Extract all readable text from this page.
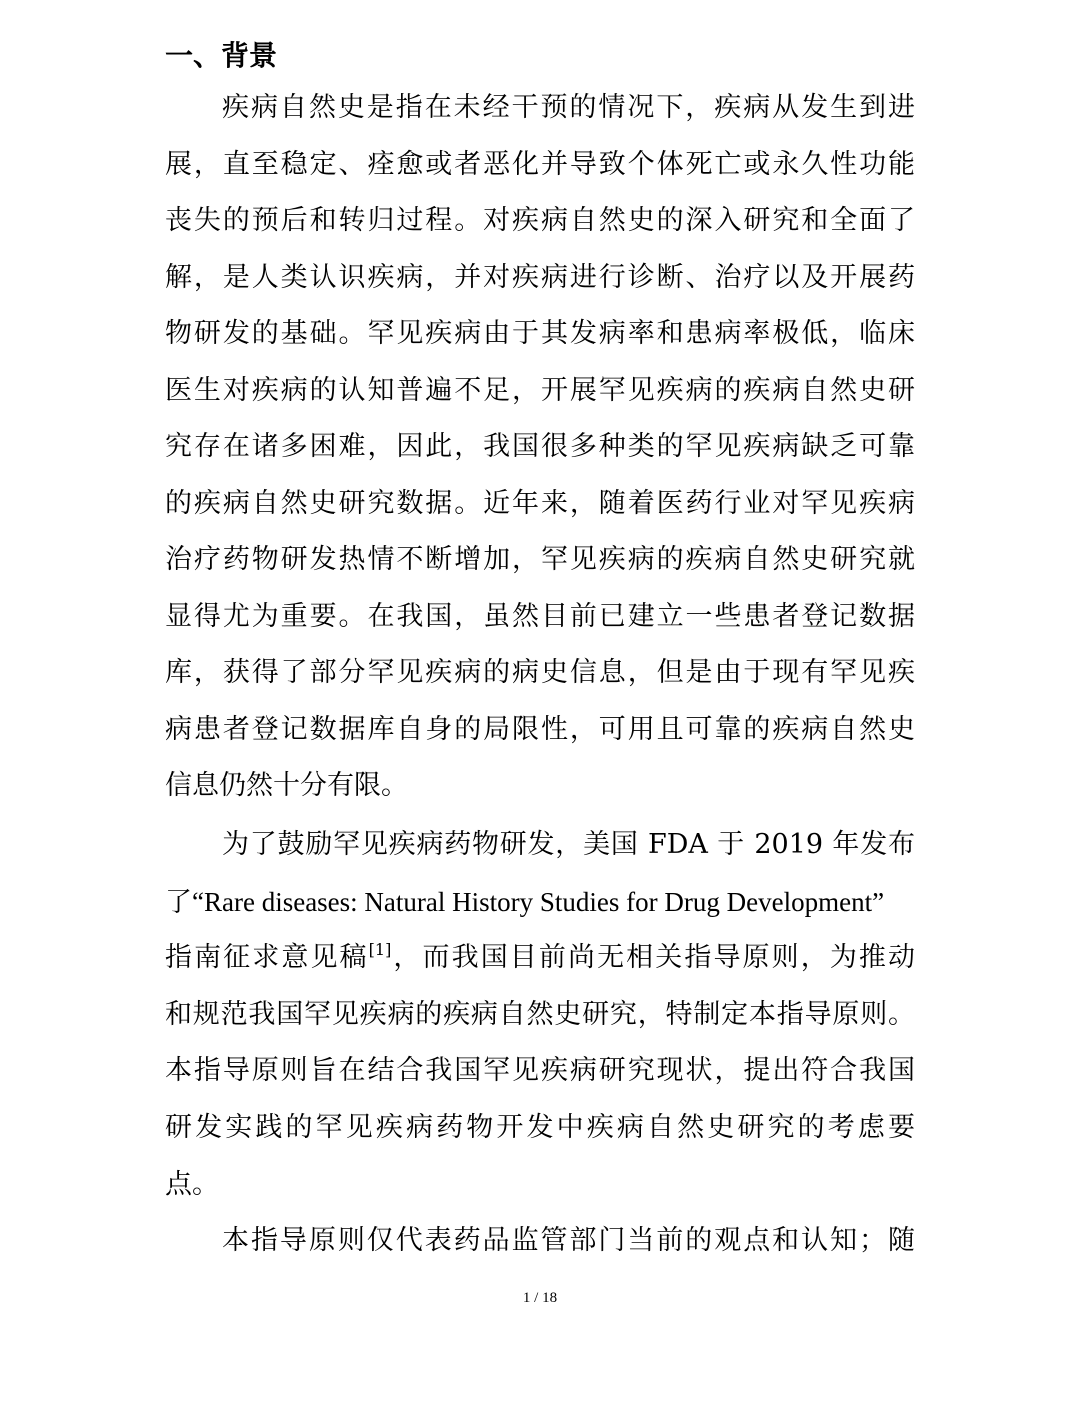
一、背景
疾病自然史是指在未经干预的情况下，疾病从发生到进
展，直至稳定、痊愈或者恶化并导致个体死亡或永久性功能
丧失的预后和转归过程。对疾病自然史的深入研究和全面了
解，是人类认识疾病，并对疾病进行诊断、治疗以及开展药
物研发的基础。罕见疾病由于其发病率和患病率极低，临床
医生对疾病的认知普遍不足，开展罕见疾病的疾病自然史研
究存在诸多困难，因此，我国很多种类的罕见疾病缺乏可靠
的疾病自然史研究数据。近年来，随着医药行业对罕见疾病
治疗药物研发热情不断增加，罕见疾病的疾病自然史研究就
显得尤为重要。在我国，虽然目前已建立一些患者登记数据
库，获得了部分罕见疾病的病史信息，但是由于现有罕见疾
病患者登记数据库自身的局限性，可用且可靠的疾病自然史
信息仍然十分有限。
为了鼓励罕见疾病药物研发，美国 FDA 于 2019 年发布
了“Rare diseases: Natural History Studies for Drug Development”
指南征求意见稿[1]，而我国目前尚无相关指导原则，为推动
和规范我国罕见疾病的疾病自然史研究，特制定本指导原则。
本指导原则旨在结合我国罕见疾病研究现状，提出符合我国
研发实践的罕见疾病药物开发中疾病自然史研究的考虑要
点。
本指导原则仅代表药品监管部门当前的观点和认知；随
1 / 18
